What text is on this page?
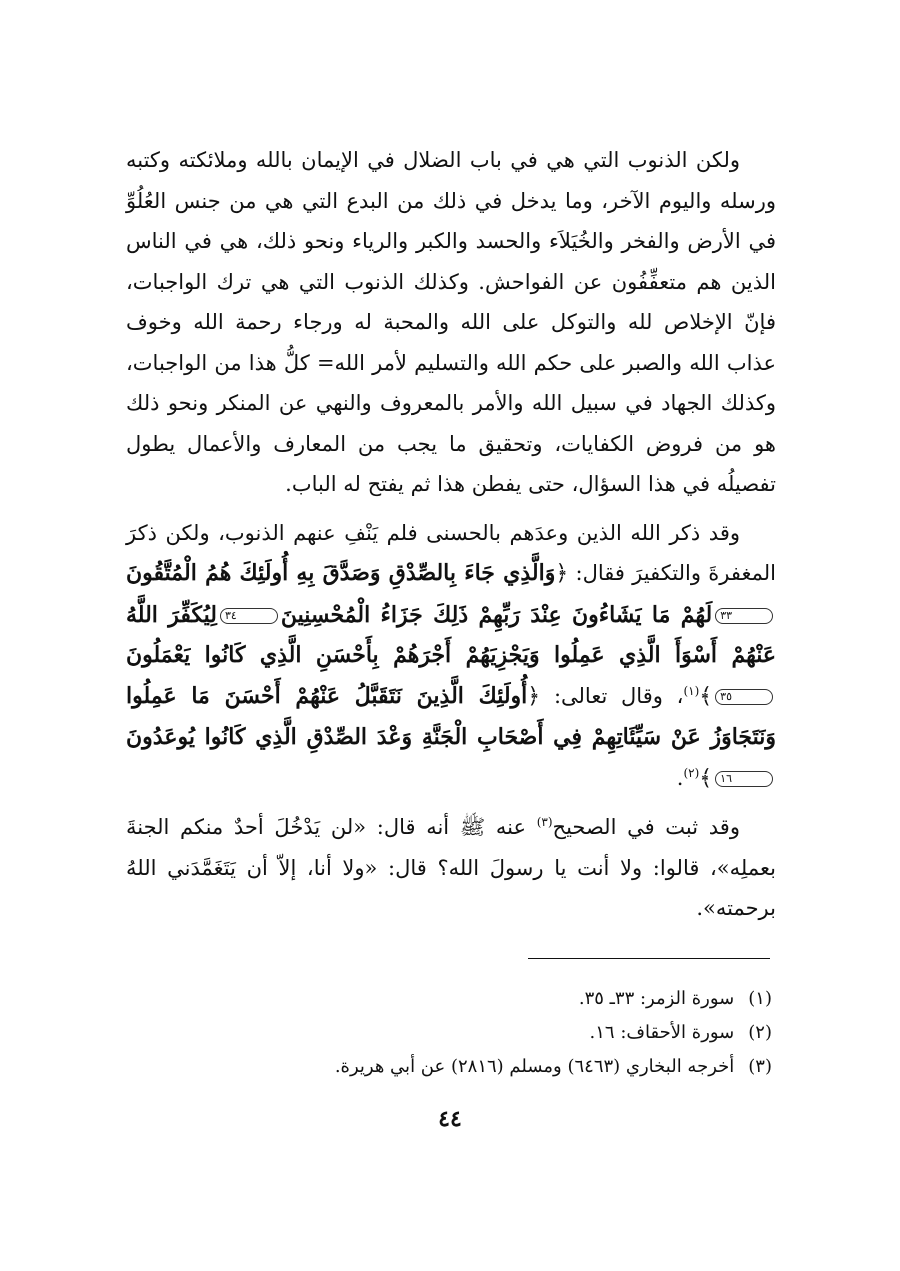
ولكن الذنوب التي هي في باب الضلال في الإيمان بالله وملائكته وكتبه ورسله واليوم الآخر، وما يدخل في ذلك من البدع التي هي من جنس العُلُوِّ في الأرض والفخر والخُيَلاَء والحسد والكبر والرياء ونحو ذلك، هي في الناس الذين هم متعفِّفُون عن الفواحش. وكذلك الذنوب التي هي ترك الواجبات، فإنّ الإخلاص لله والتوكل على الله والمحبة له ورجاء رحمة الله وخوف عذاب الله والصبر على حكم الله والتسليم لأمر الله= كلُّ هذا من الواجبات، وكذلك الجهاد في سبيل الله والأمر بالمعروف والنهي عن المنكر ونحو ذلك هو من فروض الكفايات، وتحقيق ما يجب من المعارف والأعمال يطول تفصيلُه في هذا السؤال، حتى يفطن هذا ثم يفتح له الباب.

وقد ذكر الله الذين وعدَهم بالحسنى فلم يَنْفِ عنهم الذنوب، ولكن ذكرَ المغفرةَ والتكفيرَ فقال: ﴿وَالَّذِي جَاءَ بِالصِّدْقِ وَصَدَّقَ بِهِ أُولَئِكَ هُمُ الْمُتَّقُونَ٣٣لَهُمْ مَا يَشَاءُونَ عِنْدَ رَبِّهِمْ ذَلِكَ جَزَاءُ الْمُحْسِنِينَ٣٤لِيُكَفِّرَ اللَّهُ عَنْهُمْ أَسْوَأَ الَّذِي عَمِلُوا وَيَجْزِيَهُمْ أَجْرَهُمْ بِأَحْسَنِ الَّذِي كَانُوا يَعْمَلُونَ٣٥﴾$^{(١)}$، وقال تعالى: ﴿أُولَئِكَ الَّذِينَ نَتَقَبَّلُ عَنْهُمْ أَحْسَنَ مَا عَمِلُوا وَنَتَجَاوَزُ عَنْ سَيِّئَاتِهِمْ فِي أَصْحَابِ الْجَنَّةِ وَعْدَ الصِّدْقِ الَّذِي كَانُوا يُوعَدُونَ١٦﴾$^{(٢)}$.

وقد ثبت في الصحيح$^{(٣)}$ عنه ﷺ أنه قال: «لن يَدْخُلَ أحدٌ منكم الجنةَ بعملِه»، قالوا: ولا أنت يا رسولَ الله؟ قال: «ولا أنا، إلاّ أن يَتَغَمَّدَني اللهُ برحمته».

(١)سورة الزمر: ٣٣ـ ٣٥.
(٢)سورة الأحقاف: ١٦.
(٣)أخرجه البخاري (٦٤٦٣) ومسلم (٢٨١٦) عن أبي هريرة.
٤٤
